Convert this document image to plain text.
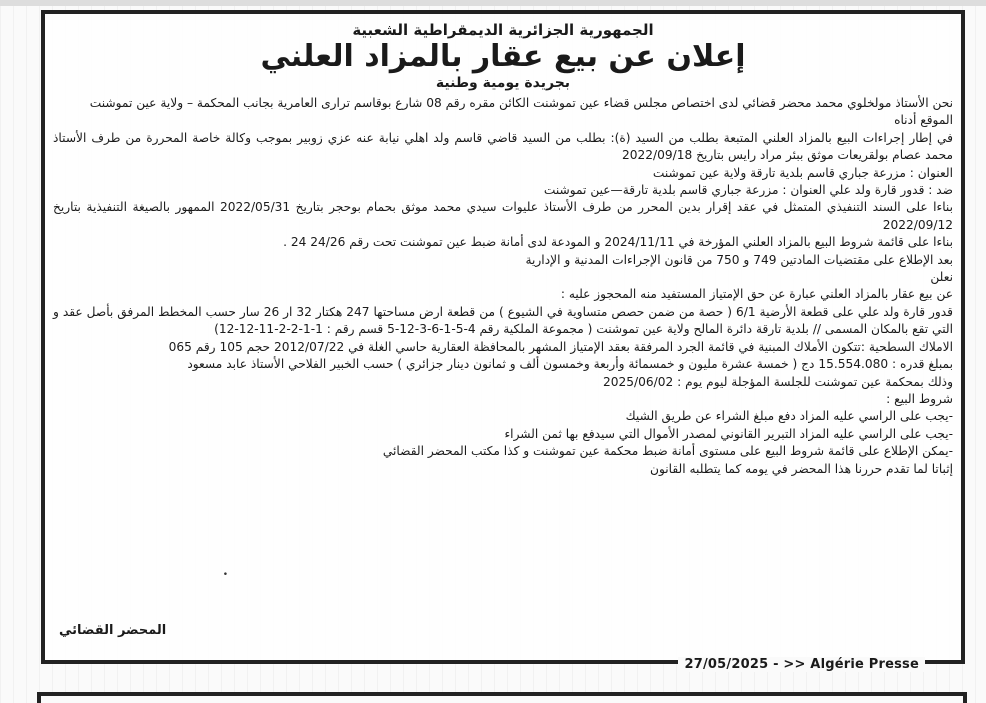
الجمهورية الجزائرية الديمقراطية الشعبية
إعلان عن بيع عقار بالمزاد العلني
بجريدة يومية وطنية
نحن الأستاذ مولخلوي محمد محضر قضائي لدى اختصاص مجلس قضاء عين تموشنت الكائن مقره رقم 08 شارع بوقاسم ترارى العامرية بجانب المحكمة – ولاية عين تموشنت
الموقع أدناه
في إطار إجراءات البيع بالمزاد العلني المتبعة بطلب من السيد (ة): بطلب من السيد قاضي قاسم ولد اهلي نيابة عنه عزي زوبير بموجب وكالة خاصة المحررة من طرف الأستاذ محمد عصام بولقريعات موثق ببئر مراد رايس بتاريخ 2022/09/18
العنوان : مزرعة جباري قاسم بلدية تارقة ولاية عين تموشنت
ضد : قدور قارة ولد علي العنوان : مزرعة جباري قاسم بلدية تارقة—عين تموشنت
بناءا على السند التنفيذي المتمثل في عقد إقرار بدين المحرر من طرف الأستاذ عليوات سيدي محمد موثق بحمام بوحجر بتاريخ 2022/05/31 الممهور بالصيغة التنفيذية بتاريخ 2022/09/12
بناءا على قائمة شروط البيع بالمزاد العلني المؤرخة في 2024/11/11 و المودعة لدى أمانة ضبط عين تموشنت تحت رقم 24/26 24 .
بعد الإطلاع على مقتضيات المادتين 749 و 750 من قانون الإجراءات المدنية و الإدارية
نعلن
عن بيع عقار بالمزاد العلني عبارة عن حق الإمتياز المستفيد منه المحجوز عليه :
قدور قارة ولد علي على قطعة الأرضية 6/1 ( حصة من ضمن حصص متساوية في الشيوع ) من قطعة ارض مساحتها 247 هكتار 32 ار 26 سار حسب المخطط المرفق بأصل عقد و التي تقع بالمكان المسمى // بلدية تارقة دائرة المالح ولاية عين تموشنت ( مجموعة الملكية رقم 4-5-1-6-3-12-5 قسم رقم : 1-1-2-2-11-12-12)
الاملاك السطحية :تتكون الأملاك المبنية في قائمة الجرد المرفقة بعقد الإمتياز المشهر بالمحافظة العقارية حاسي الغلة في 2012/07/22 حجم 105 رقم 065
بمبلغ قدره : 15.554.080 دج ( خمسة عشرة مليون و خمسمائة وأربعة وخمسون ألف و ثمانون دينار جزائري ) حسب الخبير الفلاحي الأستاذ عابد مسعود
وذلك بمحكمة عين تموشنت للجلسة المؤجلة ليوم يوم : 2025/06/02
شروط البيع :
-يجب على الراسي عليه المزاد دفع مبلغ الشراء عن طريق الشيك
-يجب على الراسي عليه المزاد التبرير القانوني لمصدر الأموال التي سيدفع بها ثمن الشراء
-يمكن الإطلاع على قائمة شروط البيع على مستوى أمانة ضبط محكمة عين تموشنت و كذا مكتب المحضر القضائي
إثباتا لما تقدم حررنا هذا المحضر في يومه كما يتطلبه القانون
المحضر القضائي
27/05/2025 - >> Algérie Presse
•
